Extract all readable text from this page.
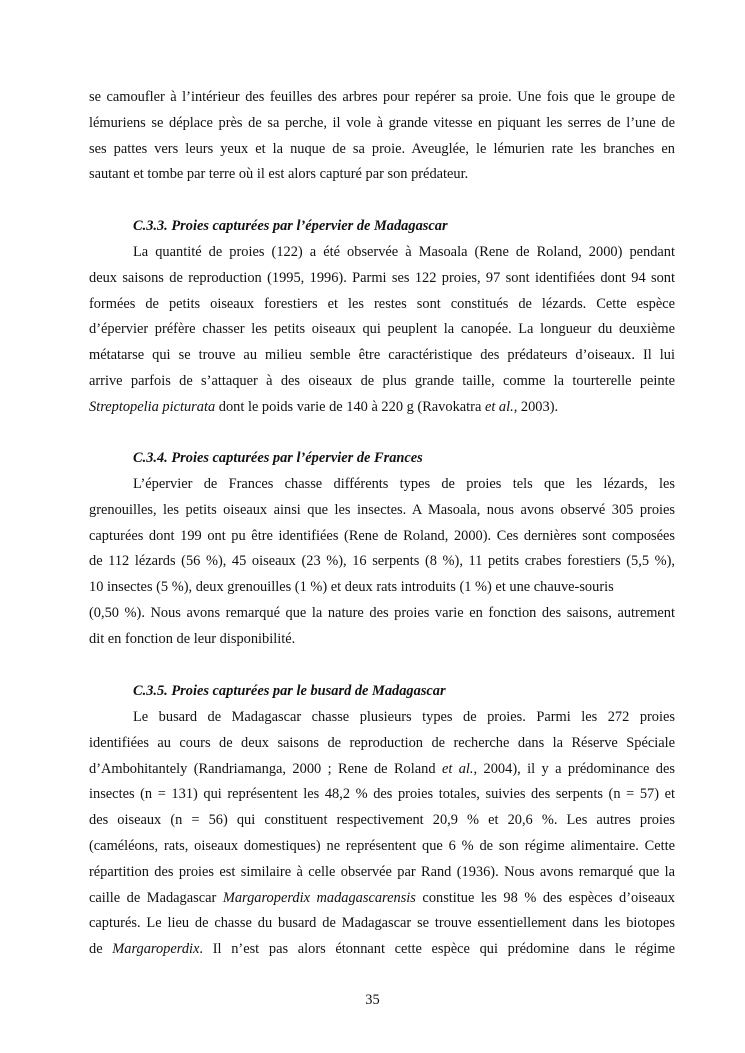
se camoufler à l’intérieur des feuilles des arbres pour repérer sa proie. Une fois que le groupe de
lémuriens se déplace près de sa perche, il vole à grande vitesse en piquant les serres de l’une de
ses pattes vers leurs yeux et la nuque de sa proie. Aveuglée, le lémurien rate les branches en
sautant et tombe par terre où il est alors capturé par son prédateur.
C.3.3. Proies capturées par l’épervier de Madagascar
La quantité de proies (122) a été observée à Masoala (Rene de Roland, 2000) pendant
deux saisons de reproduction (1995, 1996). Parmi ses 122 proies, 97 sont identifiées dont 94 sont
formées de petits oiseaux forestiers et les restes sont constitués de lézards. Cette espèce
d’épervier préfère chasser les petits oiseaux qui peuplent la canopée. La longueur du deuxième
métatarse qui se trouve au milieu semble être caractéristique des prédateurs d’oiseaux. Il lui
arrive parfois de s’attaquer à des oiseaux de plus grande taille, comme la tourterelle peinte
Streptopelia picturata dont le poids varie de 140 à 220 g (Ravokatra et al., 2003).
C.3.4. Proies capturées par l’épervier de Frances
L’épervier de Frances chasse différents types de proies tels que les lézards, les
grenouilles, les petits oiseaux ainsi que les insectes. A Masoala, nous avons observé 305 proies
capturées dont 199 ont pu être identifiées (Rene de Roland, 2000). Ces dernières sont composées
de 112 lézards (56 %), 45 oiseaux (23 %), 16 serpents (8 %), 11 petits crabes forestiers (5,5 %),
10 insectes (5 %), deux grenouilles (1 %) et deux rats introduits (1 %) et une chauve-souris
(0,50 %). Nous avons remarqué que la nature des proies varie en fonction des saisons, autrement
dit en fonction de leur disponibilité.
C.3.5. Proies capturées par le busard de Madagascar
Le busard de Madagascar chasse plusieurs types de proies. Parmi les 272 proies
identifiées au cours de deux saisons de reproduction de recherche dans la Réserve Spéciale
d’Ambohitantely (Randriamanga, 2000 ; Rene de Roland et al., 2004), il y a prédominance des
insectes (n = 131) qui représentent les 48,2 % des proies totales, suivies des serpents (n = 57) et
des oiseaux (n = 56) qui constituent respectivement 20,9 % et 20,6 %. Les autres proies
(caméléons, rats, oiseaux domestiques) ne représentent que 6 % de son régime alimentaire. Cette
répartition des proies est similaire à celle observée par Rand (1936). Nous avons remarqué que la
caille de Madagascar Margaroperdix madagascarensis constitue les 98 % des espèces d’oiseaux
capturés. Le lieu de chasse du busard de Madagascar se trouve essentiellement dans les biotopes
de Margaroperdix. Il n’est pas alors étonnant cette espèce qui prédomine dans le régime
35
